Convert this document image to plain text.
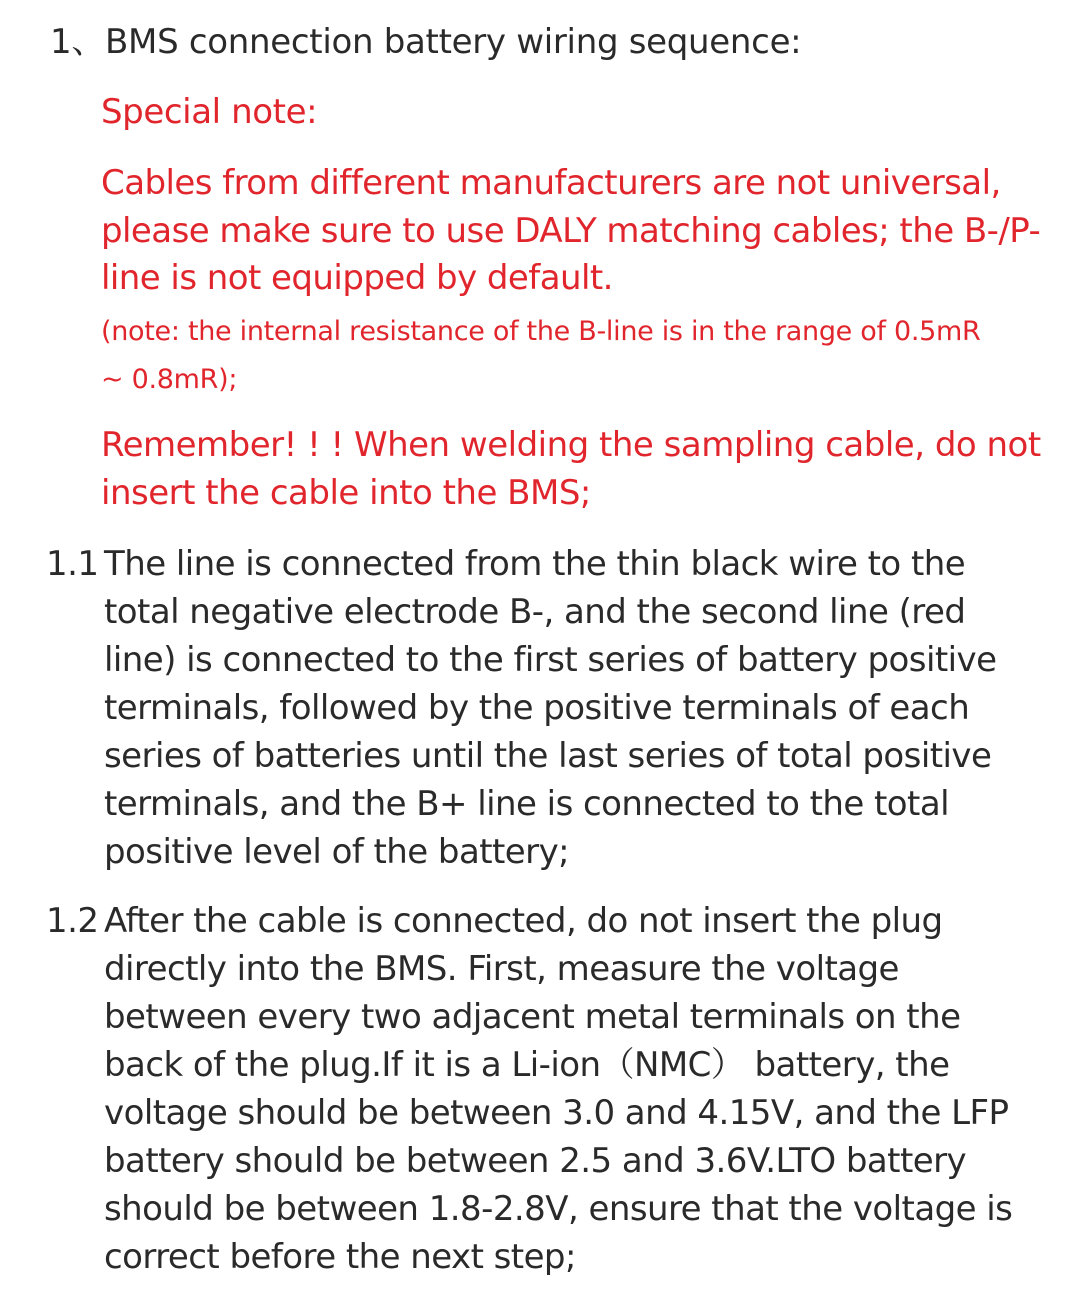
1、BMS connection battery wiring sequence:
Special note:
Cables from different manufacturers are not universal, please make sure to use DALY matching cables; the B-/P-line is not equipped by default.
(note: the internal resistance of the B-line is in the range of 0.5mR ~ 0.8mR);
Remember! ! ! When welding the sampling cable, do not insert the cable into the BMS;
1.1 The line is connected from the thin black wire to the total negative electrode B-, and the second line (red line) is connected to the first series of battery positive terminals, followed by the positive terminals of each series of batteries until the last series of total positive terminals, and the B+ line is connected to the total positive level of the battery;
1.2 After the cable is connected, do not insert the plug directly into the BMS. First, measure the voltage between every two adjacent metal terminals on the back of the plug.If it is a Li-ion（NMC） battery, the voltage should be between 3.0 and 4.15V, and the LFP battery should be between 2.5 and 3.6V.LTO battery should be between 1.8-2.8V, ensure that the voltage is correct before the next step;
